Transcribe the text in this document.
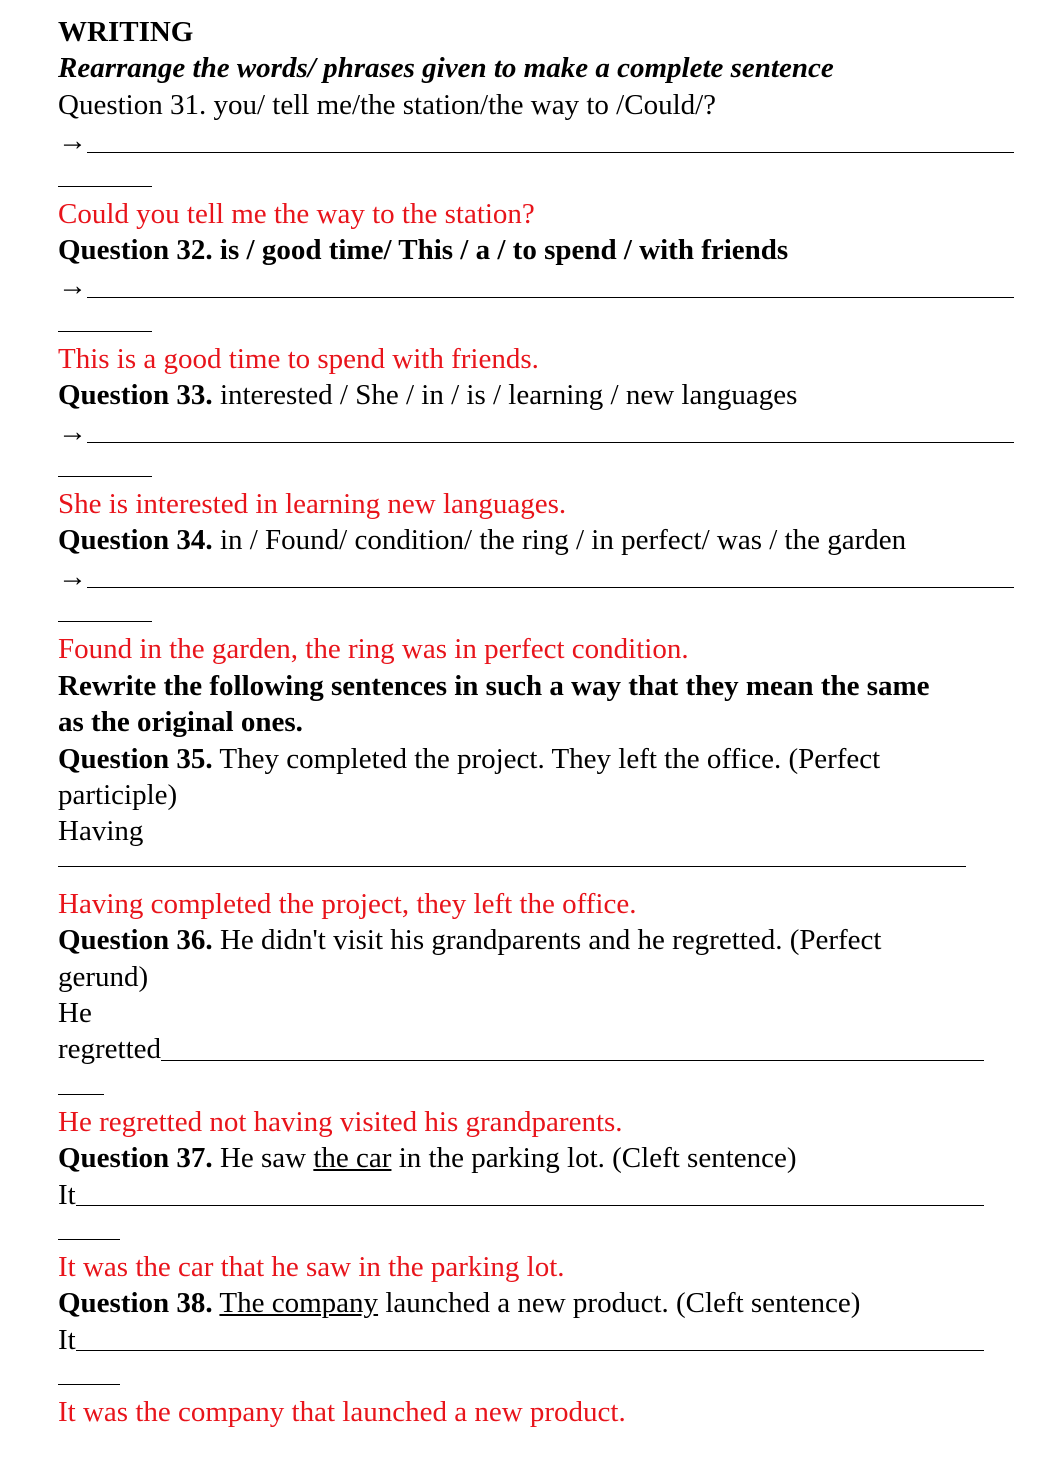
WRITING

Rearrange the words/ phrases given to make a complete sentence

Question 31. you/ tell me/the station/the way to /Could/?

→

Could you tell me the way to the station?

Question 32. is / good time/ This / a / to spend / with friends

→

This is a good time to spend with friends.

Question 33. interested / She / in / is / learning / new languages

→

She is interested in learning new languages.

Question 34. in / Found/ condition/ the ring / in perfect/ was / the garden

→

Found in the garden, the ring was in perfect condition.

Rewrite the following sentences in such a way that they mean the same as the original ones.

Question 35. They completed the project. They left the office. (Perfect participle)

Having

Having completed the project, they left the office.

Question 36. He didn't visit his grandparents and he regretted. (Perfect gerund)

He

regretted

He regretted not having visited his grandparents.

Question 37. He saw the car in the parking lot. (Cleft sentence)

It

It was the car that he saw in the parking lot.

Question 38. The company launched a new product. (Cleft sentence)

It

It was the company that launched a new product.
